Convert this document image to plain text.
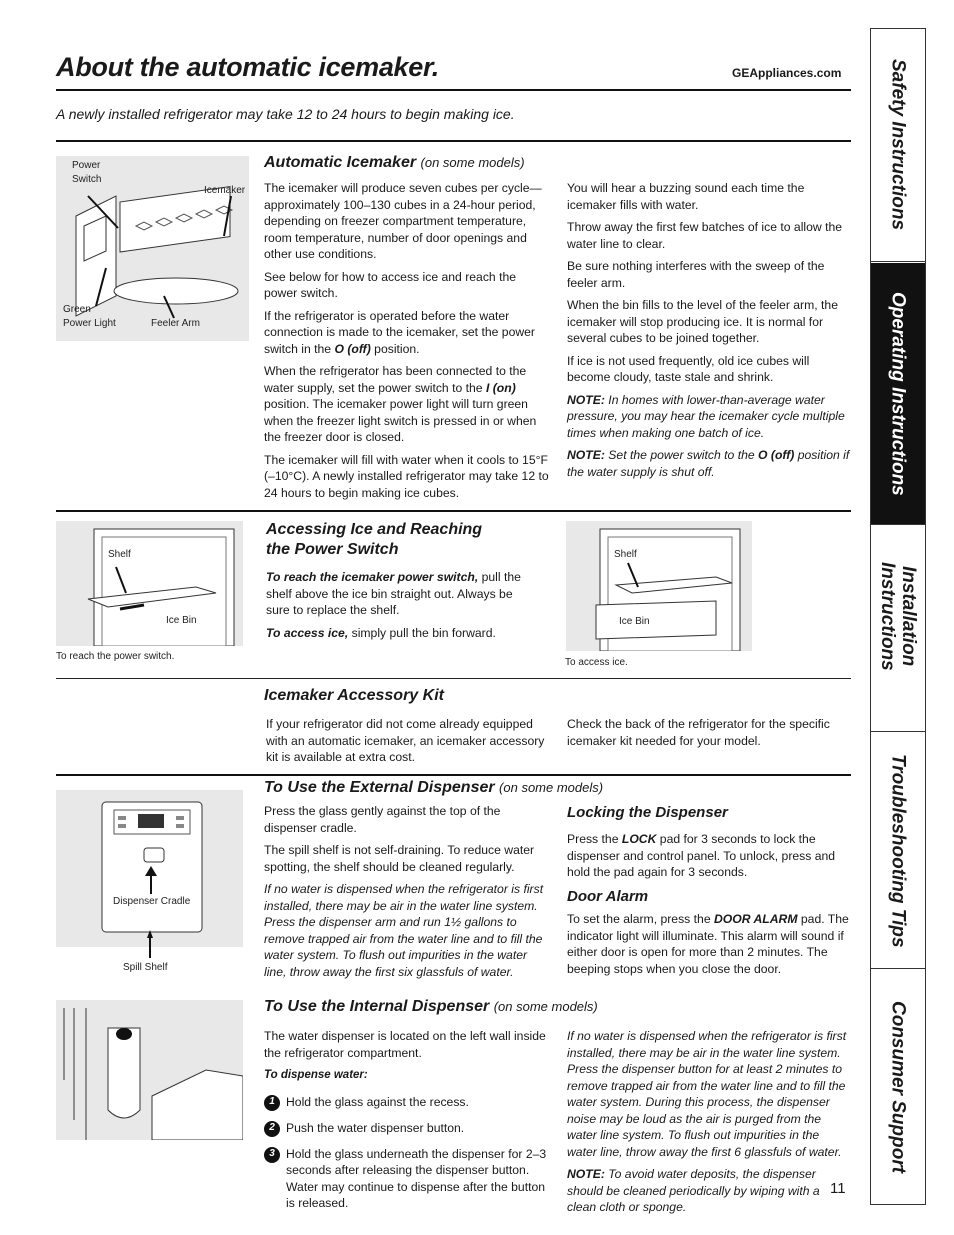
About the automatic icemaker.	GEAppliances.com
A newly installed refrigerator may take 12 to 24 hours to begin making ice.
Power
Switch
Icemaker
Green
Power Light	Feeler Arm
Automatic Icemaker (on some models)

The icemaker will produce seven cubes per cycle—approximately 100–130 cubes in a 24-hour period, depending on freezer compartment temperature, room temperature, number of door openings and other use conditions.

See below for how to access ice and reach the power switch.

If the refrigerator is operated before the water connection is made to the icemaker, set the power switch in the O (off) position.

When the refrigerator has been connected to the water supply, set the power switch to the I (on) position. The icemaker power light will turn green when the freezer light switch is pressed in or when the freezer door is closed.

The icemaker will fill with water when it cools to 15°F (–10°C). A newly installed refrigerator may take 12 to 24 hours to begin making ice cubes.

You will hear a buzzing sound each time the icemaker fills with water.

Throw away the first few batches of ice to allow the water line to clear.

Be sure nothing interferes with the sweep of the feeler arm.

When the bin fills to the level of the feeler arm, the icemaker will stop producing ice. It is normal for several cubes to be joined together.

If ice is not used frequently, old ice cubes will become cloudy, taste stale and shrink.

NOTE: In homes with lower-than-average water pressure, you may hear the icemaker cycle multiple times when making one batch of ice.

NOTE: Set the power switch to the O (off) position if the water supply is shut off.

Shelf
Ice Bin
To reach the power switch.
Accessing Ice and Reaching
the Power Switch

To reach the icemaker power switch, pull the shelf above the ice bin straight out. Always be sure to replace the shelf.

To access ice, simply pull the bin forward.

Shelf
Ice Bin
To access ice.
Icemaker Accessory Kit
If your refrigerator did not come already equipped with an automatic icemaker, an icemaker accessory kit is available at extra cost.
Check the back of the refrigerator for the specific icemaker kit needed for your model.
Dispenser Cradle
Spill Shelf
To Use the External Dispenser (on some models)

Press the glass gently against the top of the dispenser cradle.

The spill shelf is not self-draining. To reduce water spotting, the shelf should be cleaned regularly.

If no water is dispensed when the refrigerator is first installed, there may be air in the water line system. Press the dispenser arm and run 1½ gallons to remove trapped air from the water line and to fill the water system. To flush out impurities in the water line, throw away the first six glassfuls of water.

Locking the Dispenser

Press the LOCK pad for 3 seconds to lock the dispenser and control panel. To unlock, press and hold the pad again for 3 seconds.

Door Alarm

To set the alarm, press the DOOR ALARM pad. The indicator light will illuminate. This alarm will sound if either door is open for more than 2 minutes. The beeping stops when you close the door.

To Use the Internal Dispenser (on some models)

The water dispenser is located on the left wall inside the refrigerator compartment.

To dispense water:

1 Hold the glass against the recess.
2 Push the water dispenser button.
3 Hold the glass underneath the dispenser for 2–3 seconds after releasing the dispenser button. Water may continue to dispense after the button is released.

If no water is dispensed when the refrigerator is first installed, there may be air in the water line system. Press the dispenser button for at least 2 minutes to remove trapped air from the water line and to fill the water system. During this process, the dispenser noise may be loud as the air is purged from the water line system. To flush out impurities in the water line, throw away the first 6 glassfuls of water.

NOTE: To avoid water deposits, the dispenser should be cleaned periodically by wiping with a clean cloth or sponge.

11
Safety Instructions
Operating Instructions
Installation Instructions
Troubleshooting Tips
Consumer Support
